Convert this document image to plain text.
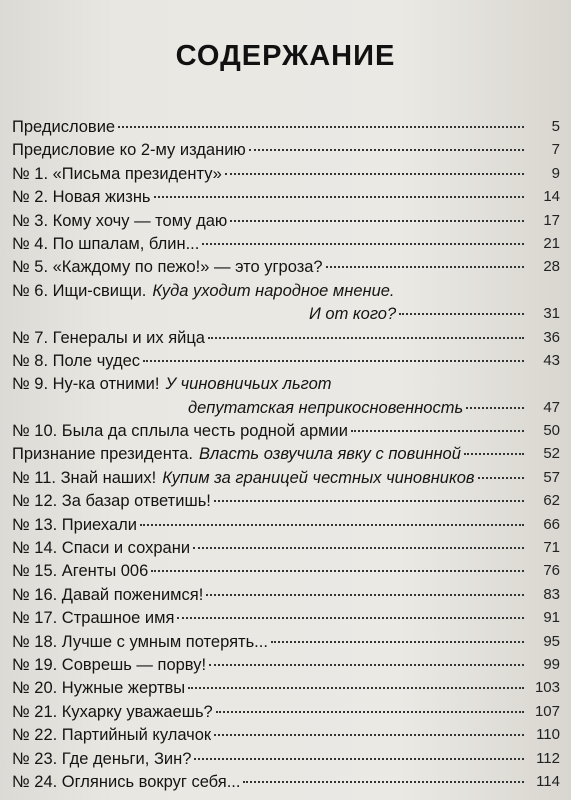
СОДЕРЖАНИЕ
Предисловие	5
Предисловие ко 2-му изданию	7
№ 1. «Письма президенту»	9
№ 2. Новая жизнь	14
№ 3. Кому хочу — тому даю	17
№ 4. По шпалам, блин...	21
№ 5. «Каждому по пежо!» — это угроза?	28
№ 6. Ищи-свищи. Куда уходит народное мнение.
И от кого?	31
№ 7. Генералы и их яйца	36
№ 8. Поле чудес	43
№ 9. Ну-ка отними! У чиновничьих льгот
депутатская неприкосновенность	47
№ 10. Была да сплыла честь родной армии	50
Признание президента. Власть озвучила явку с повинной	52
№ 11. Знай наших! Купим за границей честных чиновников	57
№ 12. За базар ответишь!	62
№ 13. Приехали	66
№ 14. Спаси и сохрани	71
№ 15. Агенты 006	76
№ 16. Давай поженимся!	83
№ 17. Страшное имя	91
№ 18. Лучше с умным потерять...	95
№ 19. Соврешь — порву!	99
№ 20. Нужные жертвы	103
№ 21. Кухарку уважаешь?	107
№ 22. Партийный кулачок	110
№ 23. Где деньги, Зин?	112
№ 24. Оглянись вокруг себя...	114
